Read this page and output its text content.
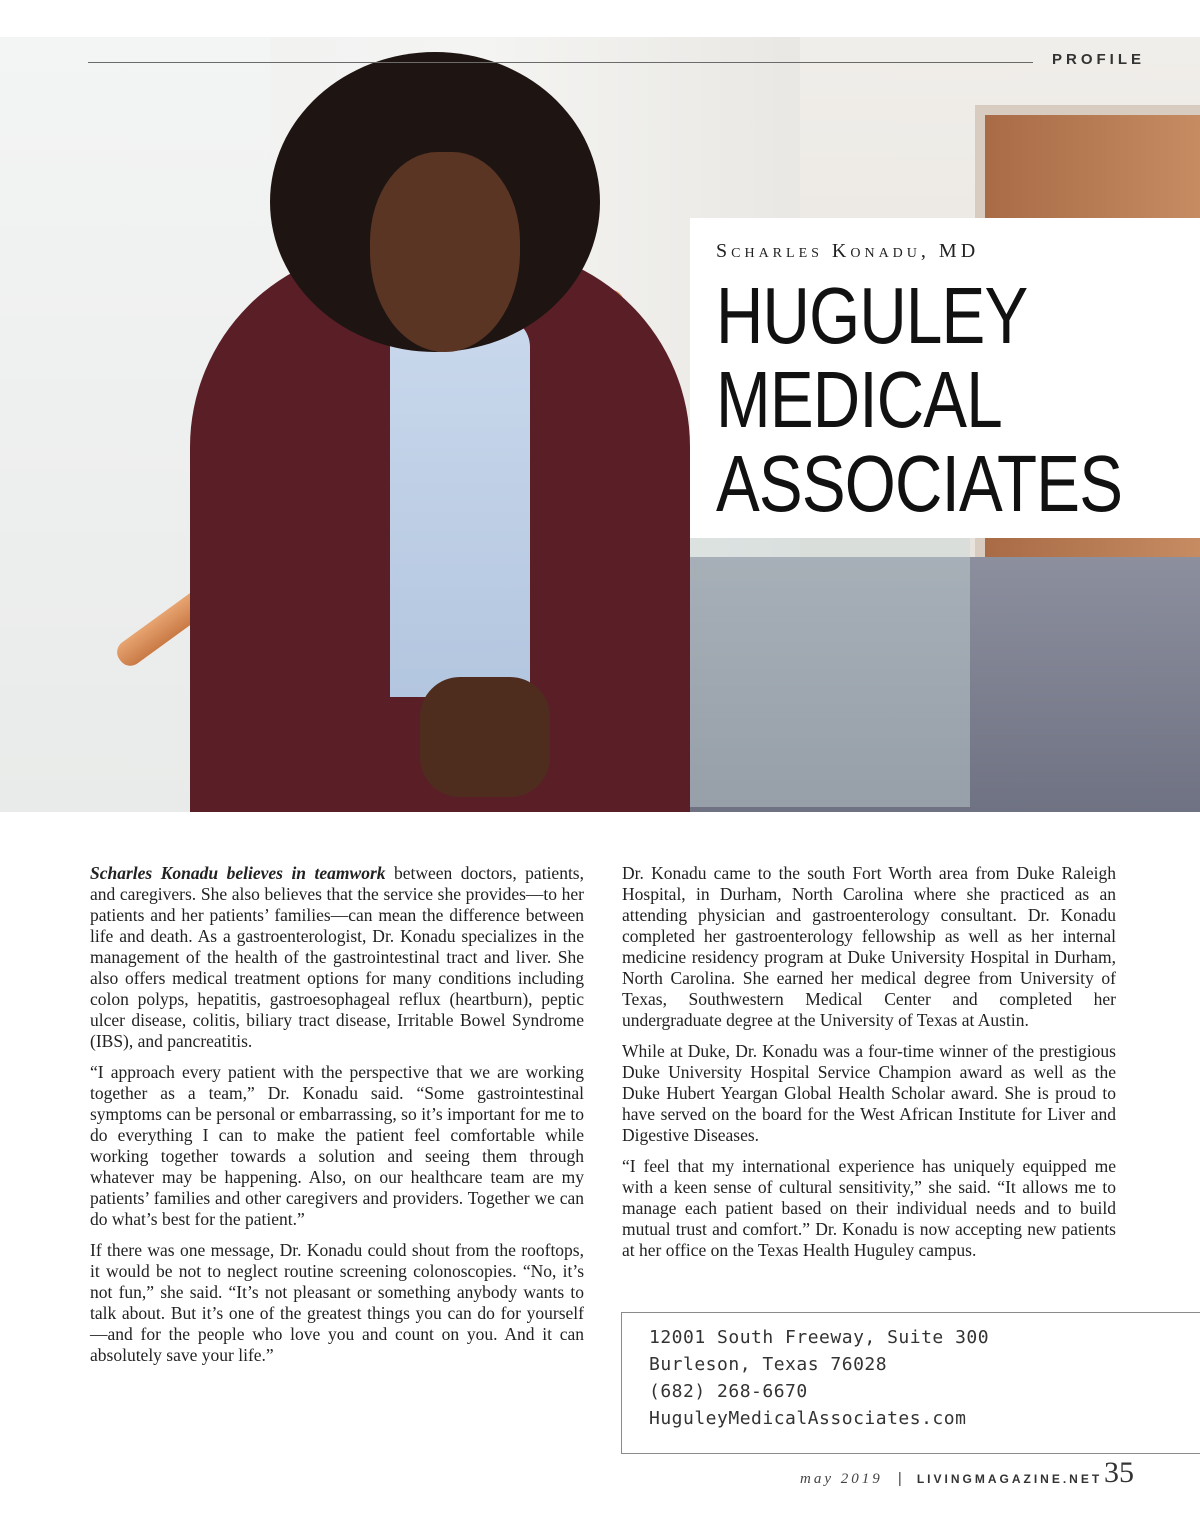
PROFILE
Scharles Konadu, MD
HUGULEY
MEDICAL
ASSOCIATES

Scharles Konadu believes in teamwork between doctors, patients, and caregivers. She also believes that the service she provides—to her patients and her patients’ families—can mean the difference between life and death. As a gastroenterologist, Dr. Konadu specializes in the management of the health of the gastrointestinal tract and liver. She also offers medical treatment options for many conditions including colon polyps, hepatitis, gastroesophageal reflux (heartburn), peptic ulcer disease, colitis, biliary tract disease, Irritable Bowel Syndrome (IBS), and pancreatitis.

“I approach every patient with the perspective that we are working together as a team,” Dr. Konadu said. “Some gastrointestinal symptoms can be personal or embarrassing, so it’s important for me to do everything I can to make the patient feel comfortable while working together towards a solution and seeing them through whatever may be happening. Also, on our healthcare team are my patients’ families and other caregivers and providers. Together we can do what’s best for the patient.”

If there was one message, Dr. Konadu could shout from the rooftops, it would be not to neglect routine screening colonoscopies. “No, it’s not fun,” she said. “It’s not pleasant or something anybody wants to talk about. But it’s one of the greatest things you can do for yourself—and for the people who love you and count on you. And it can absolutely save your life.”

Dr. Konadu came to the south Fort Worth area from Duke Raleigh Hospital, in Durham, North Carolina where she practiced as an attending physician and gastroenterology consultant. Dr. Konadu completed her gastroenterology fellowship as well as her internal medicine residency program at Duke University Hospital in Durham, North Carolina. She earned her medical degree from University of Texas, Southwestern Medical Center and completed her undergraduate degree at the University of Texas at Austin.

While at Duke, Dr. Konadu was a four-time winner of the prestigious Duke University Hospital Service Champion award as well as the Duke Hubert Yeargan Global Health Scholar award. She is proud to have served on the board for the West African Institute for Liver and Digestive Diseases.

“I feel that my international experience has uniquely equipped me with a keen sense of cultural sensitivity,” she said. “It allows me to manage each patient based on their individual needs and to build mutual trust and comfort.” Dr. Konadu is now accepting new patients at her office on the Texas Health Huguley campus.

12001 South Freeway, Suite 300
Burleson, Texas 76028
(682) 268-6670
HuguleyMedicalAssociates.com
may 2019 | LIVINGMAGAZINE.NET 35
